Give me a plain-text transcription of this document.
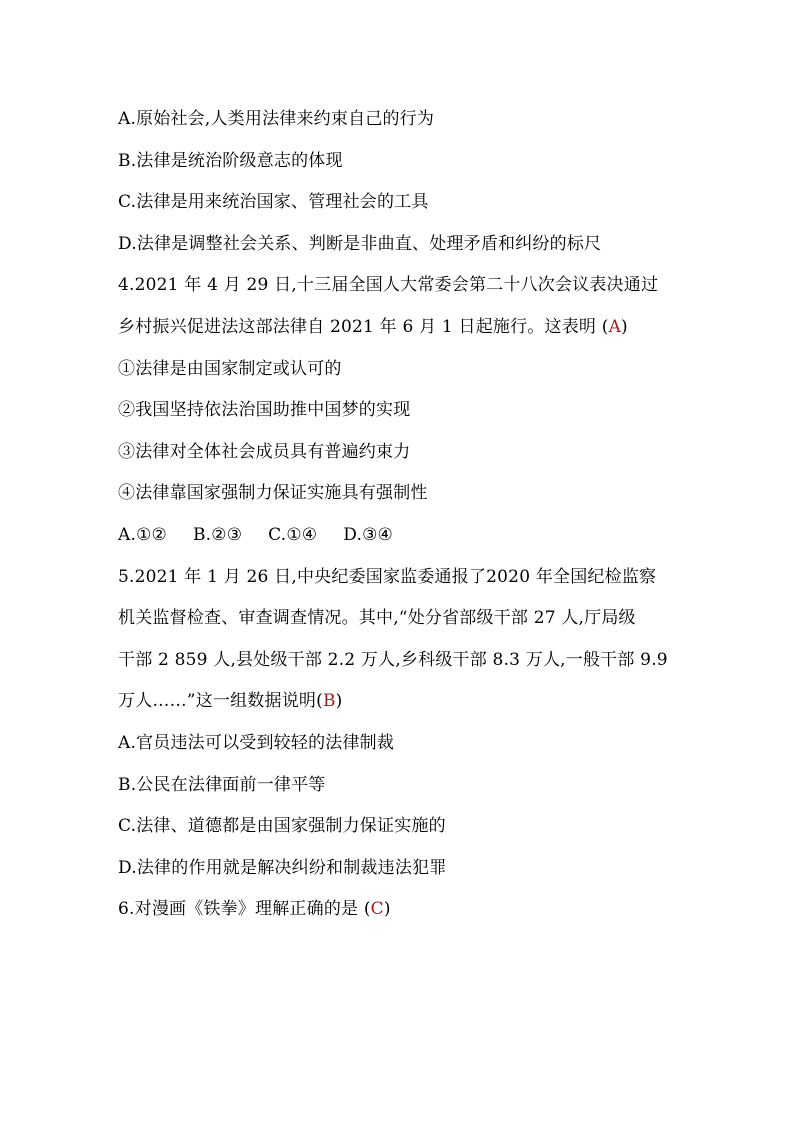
A.原始社会,人类用法律来约束自己的行为
B.法律是统治阶级意志的体现
C.法律是用来统治国家、管理社会的工具
D.法律是调整社会关系、判断是非曲直、处理矛盾和纠纷的标尺
4.2021 年 4 月 29 日,十三届全国人大常委会第二十八次会议表决通过
乡村振兴促进法这部法律自 2021 年 6 月 1 日起施行。这表明 (A)
①法律是由国家制定或认可的
②我国坚持依法治国助推中国梦的实现
③法律对全体社会成员具有普遍约束力
④法律靠国家强制力保证实施具有强制性
A.①② B.②③ C.①④ D.③④
5.2021 年 1 月 26 日,中央纪委国家监委通报了2020 年全国纪检监察
机关监督检查、审查调查情况。其中,“处分省部级干部 27 人,厅局级
干部 2 859 人,县处级干部 2.2 万人,乡科级干部 8.3 万人,一般干部 9.9
万人……”这一组数据说明(B)
A.官员违法可以受到较轻的法律制裁
B.公民在法律面前一律平等
C.法律、道德都是由国家强制力保证实施的
D.法律的作用就是解决纠纷和制裁违法犯罪
6.对漫画《铁拳》理解正确的是 (C)
